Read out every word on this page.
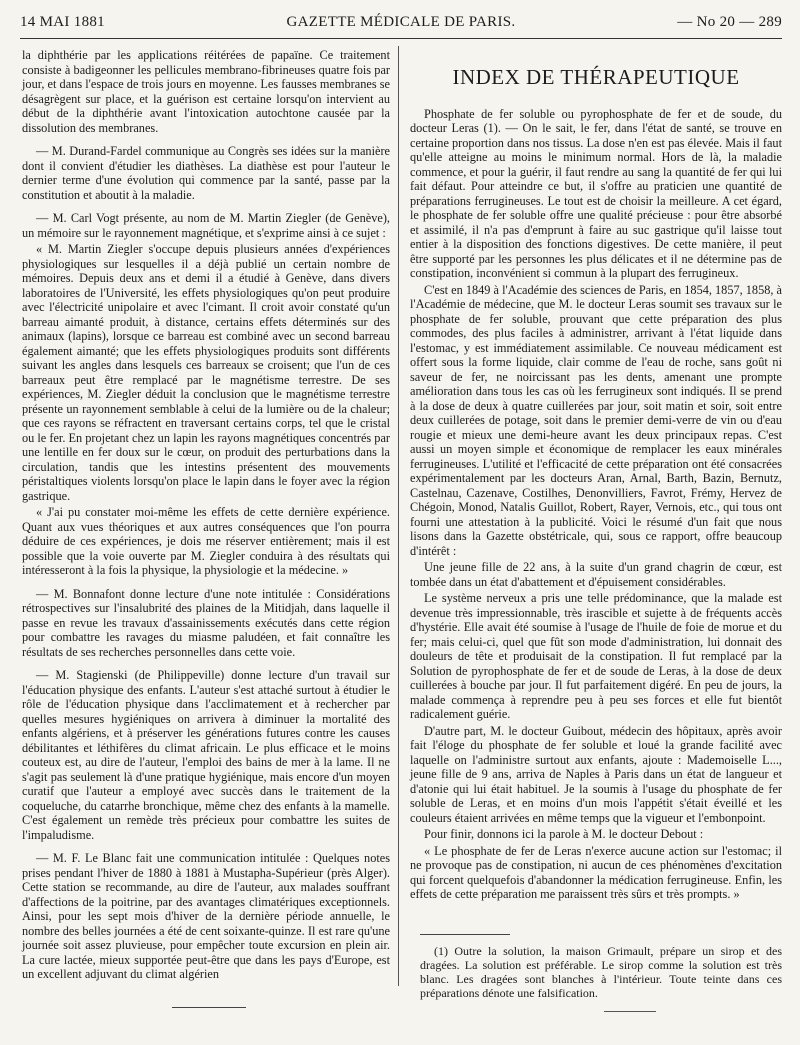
14 MAI 1881	GAZETTE MÉDICALE DE PARIS.	— No 20 — 289

la diphthérie par les applications réitérées de papaïne. Ce traitement consiste à badigeonner les pellicules membrano-fibrineuses quatre fois par jour, et dans l'espace de trois jours en moyenne. Les fausses membranes se désagrègent sur place, et la guérison est certaine lorsqu'on intervient au début de la diphthérie avant l'intoxication autochtone causée par la dissolution des membranes.

— M. Durand-Fardel communique au Congrès ses idées sur la manière dont il convient d'étudier les diathèses. La diathèse est pour l'auteur le dernier terme d'une évolution qui commence par la santé, passe par la constitution et aboutit à la maladie.

— M. Carl Vogt présente, au nom de M. Martin Ziegler (de Genève), un mémoire sur le rayonnement magnétique, et s'exprime ainsi à ce sujet :

« M. Martin Ziegler s'occupe depuis plusieurs années d'expériences physiologiques sur lesquelles il a déjà publié un certain nombre de mémoires. Depuis deux ans et demi il a étudié à Genève, dans divers laboratoires de l'Université, les effets physiologiques qu'on peut produire avec l'électricité unipolaire et avec l'cimant. Il croit avoir constaté qu'un barreau aimanté produit, à distance, certains effets déterminés sur des animaux (lapins), lorsque ce barreau est combiné avec un second barreau également aimanté; que les effets physiologiques produits sont différents suivant les angles dans lesquels ces barreaux se croisent; que l'un de ces barreaux peut être remplacé par le magnétisme terrestre. De ses expériences, M. Ziegler déduit la conclusion que le magnétisme terrestre présente un rayonnement semblable à celui de la lumière ou de la chaleur; que ces rayons se réfractent en traversant certains corps, tel que le cristal ou le fer. En projetant chez un lapin les rayons magnétiques concentrés par une lentille en fer doux sur le cœur, on produit des perturbations dans la circulation, tandis que les intestins présentent des mouvements péristaltiques violents lorsqu'on place le lapin dans le foyer avec la région gastrique.

« J'ai pu constater moi-même les effets de cette dernière expérience. Quant aux vues théoriques et aux autres conséquences que l'on pourra déduire de ces expériences, je dois me réserver entièrement; mais il est possible que la voie ouverte par M. Ziegler conduira à des résultats qui intéresseront à la fois la physique, la physiologie et la médecine. »

— M. Bonnafont donne lecture d'une note intitulée : Considérations rétrospectives sur l'insalubrité des plaines de la Mitidjah, dans laquelle il passe en revue les travaux d'assainissements exécutés dans cette région pour combattre les ravages du miasme paludéen, et fait connaître les résultats de ses recherches personnelles dans cette voie.

— M. Stagienski (de Philippeville) donne lecture d'un travail sur l'éducation physique des enfants. L'auteur s'est attaché surtout à étudier le rôle de l'éducation physique dans l'acclimatement et à rechercher par quelles mesures hygiéniques on arrivera à diminuer la mortalité des enfants algériens, et à préserver les générations futures contre les causes débilitantes et léthifères du climat africain. Le plus efficace et le moins couteux est, au dire de l'auteur, l'emploi des bains de mer à la lame. Il ne s'agit pas seulement là d'une pratique hygiénique, mais encore d'un moyen curatif que l'auteur a employé avec succès dans le traitement de la coqueluche, du catarrhe bronchique, même chez des enfants à la mamelle. C'est également un remède très précieux pour combattre les suites de l'impaludisme.

— M. F. Le Blanc fait une communication intitulée : Quelques notes prises pendant l'hiver de 1880 à 1881 à Mustapha-Supérieur (près Alger). Cette station se recommande, au dire de l'auteur, aux malades souffrant d'affections de la poitrine, par des avantages climatériques exceptionnels. Ainsi, pour les sept mois d'hiver de la dernière période annuelle, le nombre des belles journées a été de cent soixante-quinze. Il est rare qu'une journée soit assez pluvieuse, pour empêcher toute excursion en plein air. La cure lactée, mieux supportée peut-être que dans les pays d'Europe, est un excellent adjuvant du climat algérien

INDEX DE THÉRAPEUTIQUE

Phosphate de fer soluble ou pyrophosphate de fer et de soude, du docteur Leras (1). — On le sait, le fer, dans l'état de santé, se trouve en certaine proportion dans nos tissus. La dose n'en est pas élevée. Mais il faut qu'elle atteigne au moins le minimum normal. Hors de là, la maladie commence, et pour la guérir, il faut rendre au sang la quantité de fer qui lui fait défaut. Pour atteindre ce but, il s'offre au praticien une quantité de préparations ferrugineuses. Le tout est de choisir la meilleure. A cet égard, le phosphate de fer soluble offre une qualité précieuse : pour être absorbé et assimilé, il n'a pas d'emprunt à faire au suc gastrique qu'il laisse tout entier à la disposition des fonctions digestives. De cette manière, il peut être supporté par les personnes les plus délicates et il ne détermine pas de constipation, inconvénient si commun à la plupart des ferrugineux.

C'est en 1849 à l'Académie des sciences de Paris, en 1854, 1857, 1858, à l'Académie de médecine, que M. le docteur Leras soumit ses travaux sur le phosphate de fer soluble, prouvant que cette préparation des plus commodes, des plus faciles à administrer, arrivant à l'état liquide dans l'estomac, y est immédiatement assimilable. Ce nouveau médicament est offert sous la forme liquide, clair comme de l'eau de roche, sans goût ni saveur de fer, ne noircissant pas les dents, amenant une prompte amélioration dans tous les cas où les ferrugineux sont indiqués. Il se prend à la dose de deux à quatre cuillerées par jour, soit matin et soir, soit entre deux cuillerées de potage, soit dans le premier demi-verre de vin ou d'eau rougie et mieux une demi-heure avant les deux principaux repas. C'est aussi un moyen simple et économique de remplacer les eaux minérales ferrugineuses. L'utilité et l'efficacité de cette préparation ont été consacrées expérimentalement par les docteurs Aran, Arnal, Barth, Bazin, Bernutz, Castelnau, Cazenave, Costilhes, Denonvilliers, Favrot, Frémy, Hervez de Chégoin, Monod, Natalis Guillot, Robert, Rayer, Vernois, etc., qui tous ont fourni une attestation à la publicité. Voici le résumé d'un fait que nous lisons dans la Gazette obstétricale, qui, sous ce rapport, offre beaucoup d'intérêt :

Une jeune fille de 22 ans, à la suite d'un grand chagrin de cœur, est tombée dans un état d'abattement et d'épuisement considérables.

Le système nerveux a pris une telle prédominance, que la malade est devenue très impressionnable, très irascible et sujette à de fréquents accès d'hystérie. Elle avait été soumise à l'usage de l'huile de foie de morue et du fer; mais celui-ci, quel que fût son mode d'administration, lui donnait des douleurs de tête et produisait de la constipation. Il fut remplacé par la Solution de pyrophosphate de fer et de soude de Leras, à la dose de deux cuillerées à bouche par jour. Il fut parfaitement digéré. En peu de jours, la malade commença à reprendre peu à peu ses forces et elle fut bientôt radicalement guérie.

D'autre part, M. le docteur Guibout, médecin des hôpitaux, après avoir fait l'éloge du phosphate de fer soluble et loué la grande facilité avec laquelle on l'administre surtout aux enfants, ajoute : Mademoiselle L..., jeune fille de 9 ans, arriva de Naples à Paris dans un état de langueur et d'atonie qui lui était habituel. Je la soumis à l'usage du phosphate de fer soluble de Leras, et en moins d'un mois l'appétit s'était éveillé et les couleurs étaient arrivées en même temps que la vigueur et l'embonpoint.

Pour finir, donnons ici la parole à M. le docteur Debout :

« Le phosphate de fer de Leras n'exerce aucune action sur l'estomac; il ne provoque pas de constipation, ni aucun de ces phénomènes d'excitation qui forcent quelquefois d'abandonner la médication ferrugineuse. Enfin, les effets de cette préparation me paraissent très sûrs et très prompts. »

(1) Outre la solution, la maison Grimault, prépare un sirop et des dragées. La solution est préférable. Le sirop comme la solution est très blanc. Les dragées sont blanches à l'intérieur. Toute teinte dans ces préparations dénote une falsification.
